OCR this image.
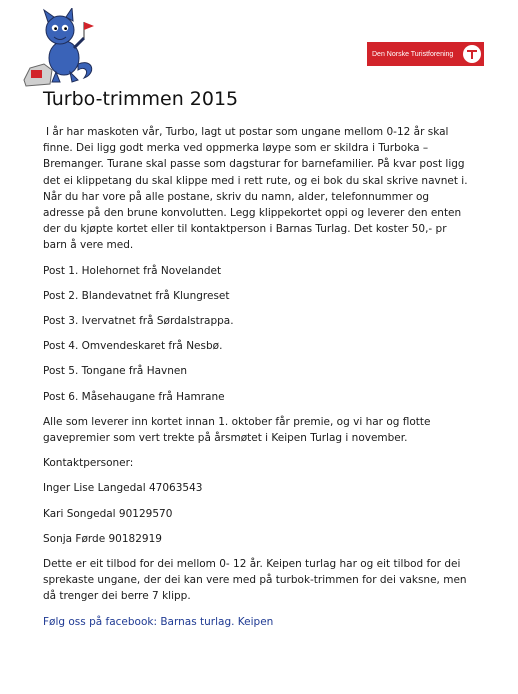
Den Norske Turistforening
Turbo-trimmen 2015

I år har maskoten vår, Turbo, lagt ut postar som ungane mellom 0-12 år skal finne. Dei ligg godt merka ved oppmerka løype som er skildra i Turboka – Bremanger. Turane skal passe som dagsturar for barnefamilier. På kvar post ligg det ei klippetang du skal klippe med i rett rute, og ei bok du skal skrive navnet i. Når du har vore på alle postane, skriv du namn, alder, telefonnummer og adresse på den brune konvolutten. Legg klippekortet oppi og leverer den enten der du kjøpte kortet eller til kontaktperson i Barnas Turlag. Det koster 50,- pr barn å vere med.

Post 1. Holehornet frå Novelandet

Post 2. Blandevatnet frå Klungreset

Post 3. Ivervatnet frå Sørdalstrappa.

Post 4. Omvendeskaret frå Nesbø.

Post 5. Tongane frå Havnen

Post 6. Måsehaugane frå Hamrane

Alle som leverer inn kortet innan 1. oktober får premie, og vi har og flotte gavepremier som vert trekte på årsmøtet i Keipen Turlag i november.

Kontaktpersoner:

Inger Lise Langedal 47063543

Kari Songedal 90129570

Sonja Førde 90182919

Dette er eit tilbod for dei mellom 0- 12 år. Keipen turlag har og eit tilbod for dei sprekaste ungane, der dei kan vere med på turbok-trimmen for dei vaksne, men då trenger dei berre 7 klipp.

Følg oss på facebook: Barnas turlag. Keipen
